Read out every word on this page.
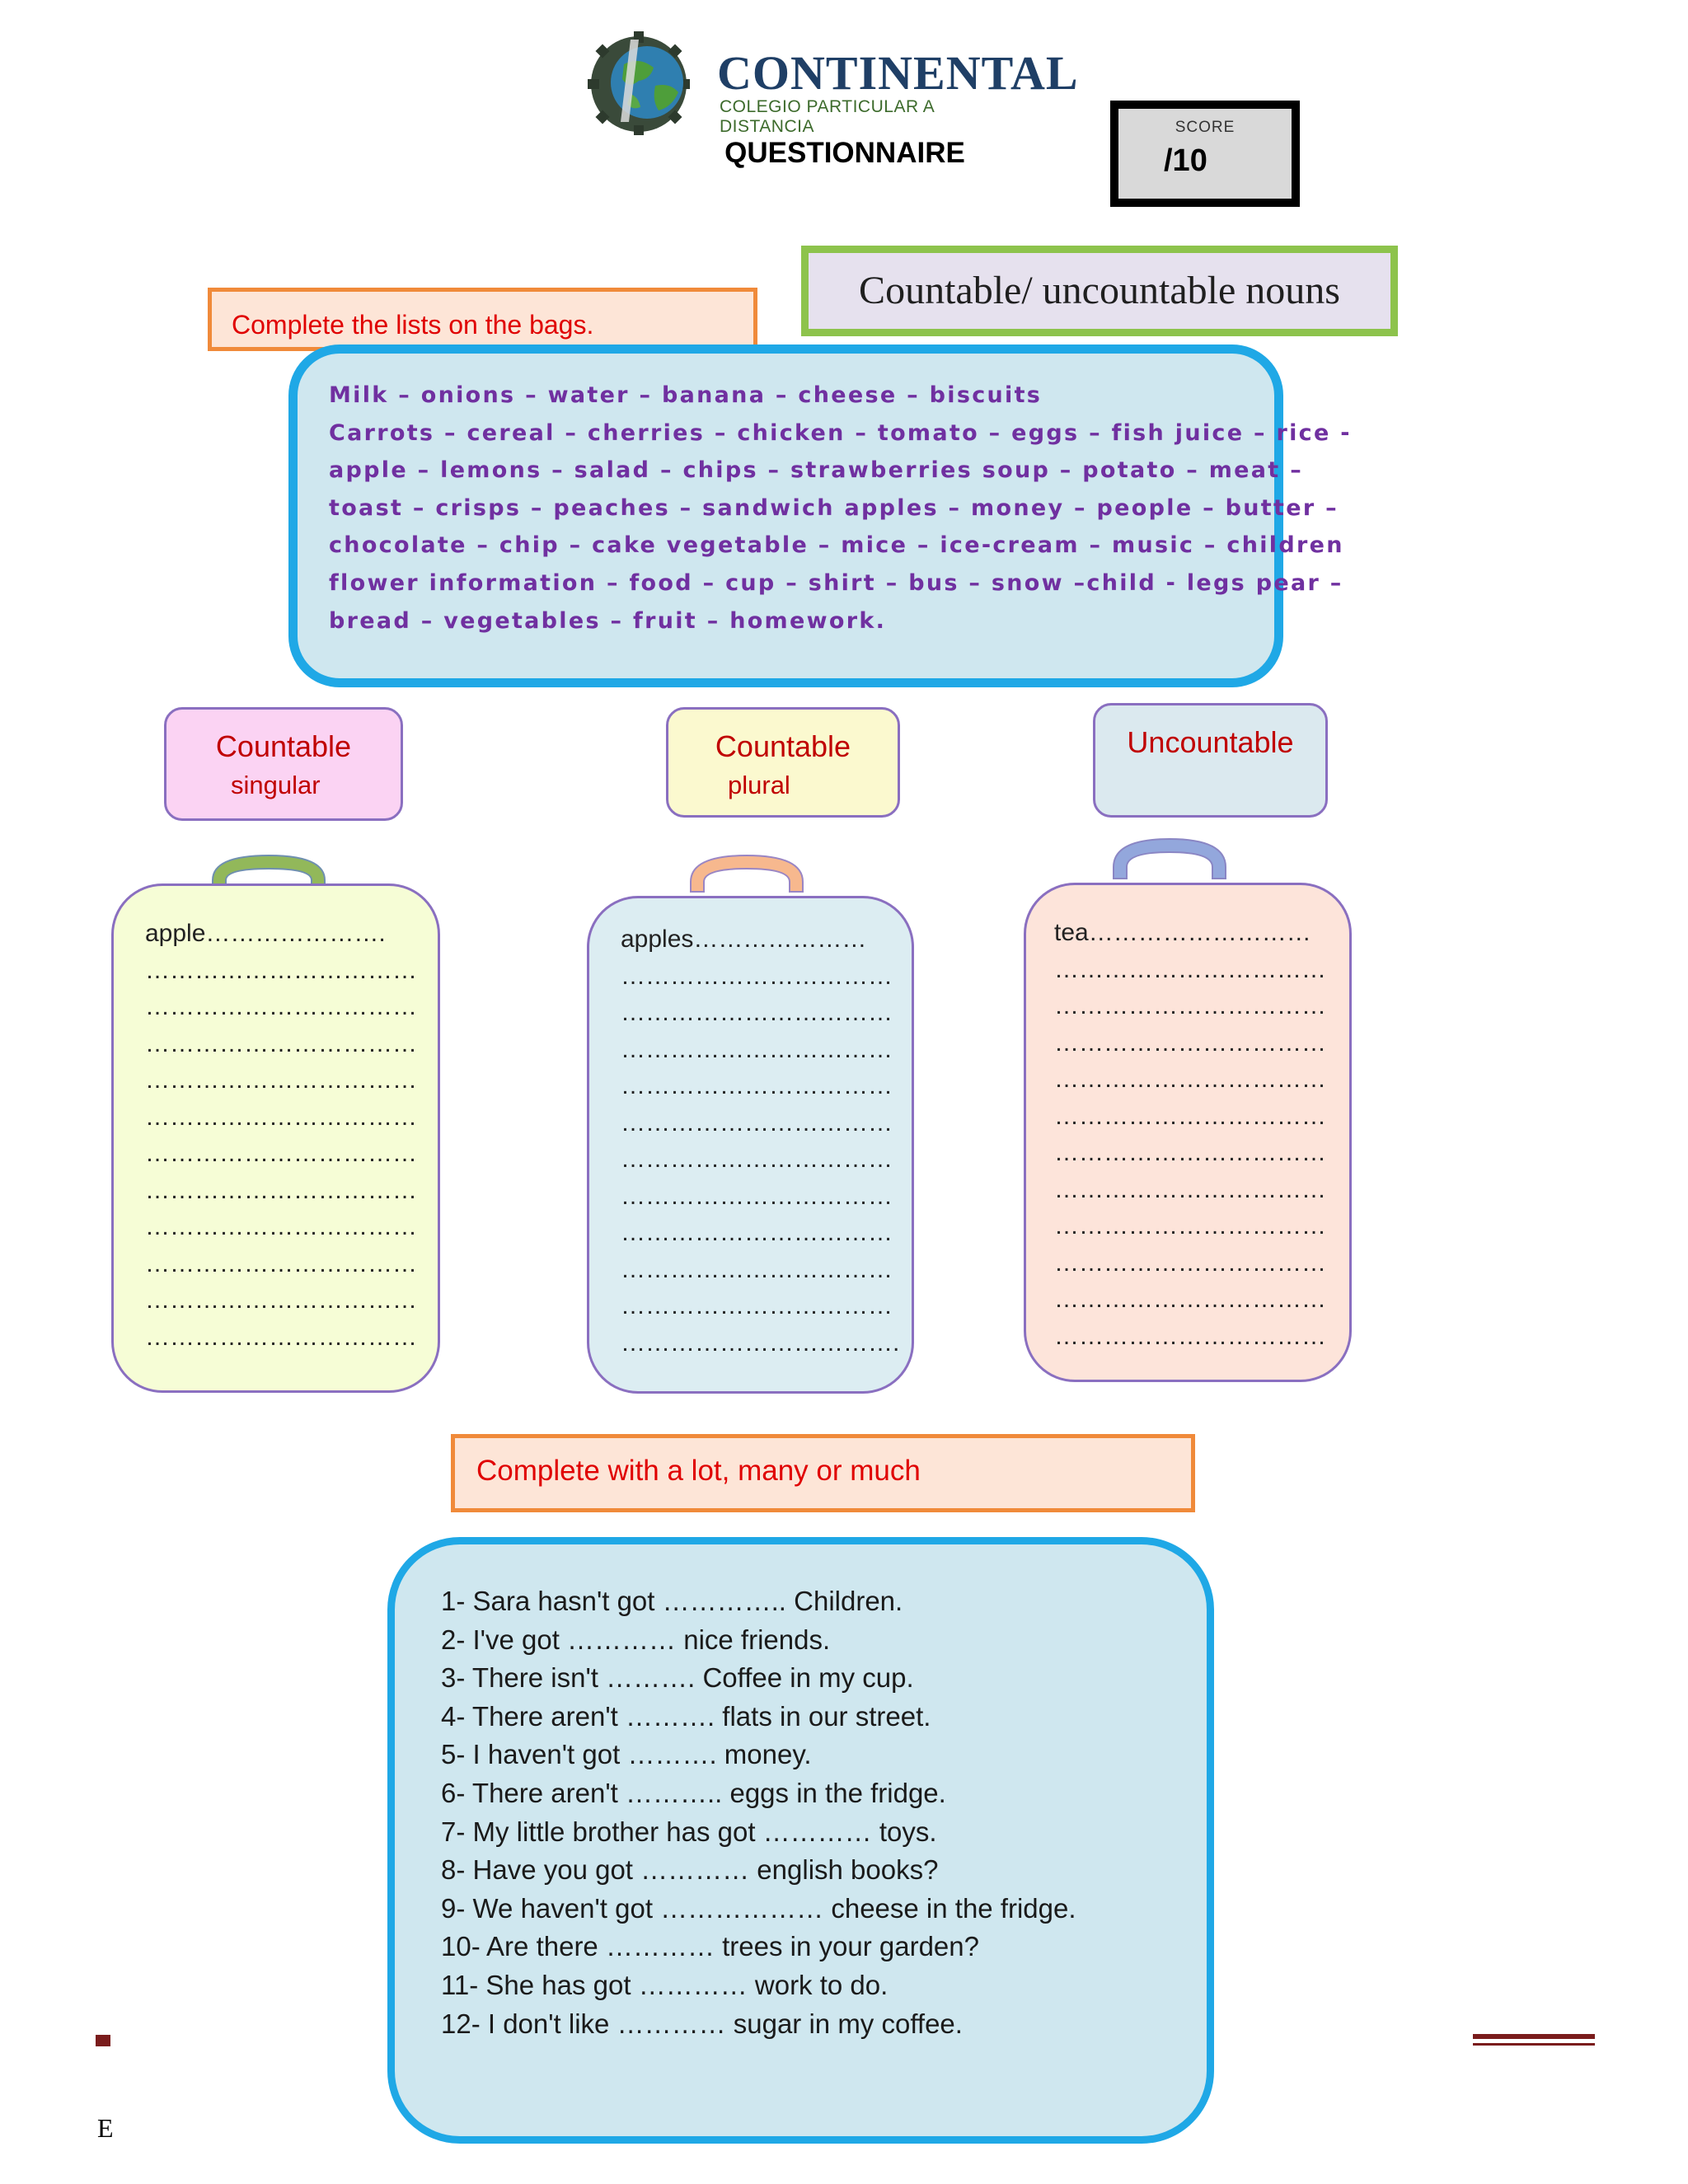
CONTINENTAL
COLEGIO PARTICULAR A DISTANCIA
QUESTIONNAIRE
SCORE
/10
Complete the lists on the bags.
Countable/ uncountable nouns
Milk – onions – water – banana – cheese – biscuits
Carrots – cereal – cherries – chicken – tomato – eggs – fish juice – rice -
apple – lemons – salad – chips – strawberries soup – potato – meat –
toast – crisps – peaches – sandwich apples – money – people – butter –
chocolate – chip – cake vegetable – mice – ice-cream – music – children
flower information – food – cup – shirt – bus – snow –child - legs pear –
bread – vegetables – fruit – homework.
Countable
singular
Countable
plural
Uncountable
apple………………….
……………………………
……………………………
……………………………
……………………………
……………………………
……………………………
……………………………
……………………………
……………………………
……………………………
……………………………
apples…………………
……………………………
……………………………
……………………………
……………………………
……………………………
……………………………
……………………………
……………………………
……………………………
……………………………
…………………………….
tea………………………
……………………………
……………………………
……………………………
……………………………
……………………………
……………………………
……………………………
……………………………
……………………………
……………………………
……………………………
Complete with a lot, many or much
1- Sara hasn't got ………….. Children.
2- I've got ………… nice friends.
3- There isn't ………. Coffee in my cup.
4- There aren't ………. flats in our street.
5- I haven't got ………. money.
6- There aren't ……….. eggs in the fridge.
7- My little brother has got ………… toys.
8- Have you got ………… english books?
9- We haven't got ……………… cheese in the fridge.
10- Are there ………… trees in your garden?
11- She has got ………… work to do.
12- I don't like ………… sugar in my coffee.
E
